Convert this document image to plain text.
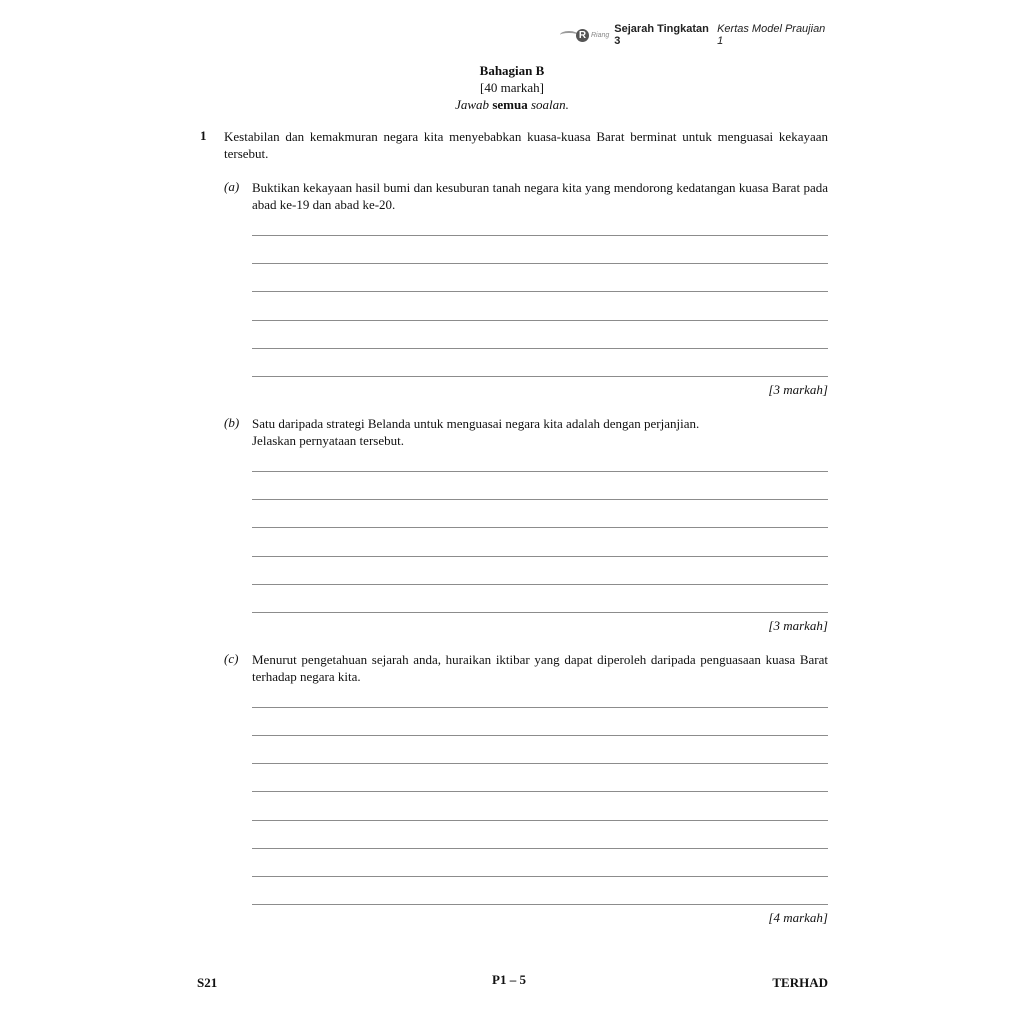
R Riang Sejarah Tingkatan 3
Kertas Model Praujian 1
Bahagian B
[40 markah]
Jawab semua soalan.
1 Kestabilan dan kemakmuran negara kita menyebabkan kuasa-kuasa Barat berminat untuk menguasai kekayaan tersebut.
(a) Buktikan kekayaan hasil bumi dan kesuburan tanah negara kita yang mendorong kedatangan kuasa Barat pada abad ke-19 dan abad ke-20.
[3 markah]
(b) Satu daripada strategi Belanda untuk menguasai negara kita adalah dengan perjanjian.
Jelaskan pernyataan tersebut.
[3 markah]
(c) Menurut pengetahuan sejarah anda, huraikan iktibar yang dapat diperoleh daripada penguasaan kuasa Barat terhadap negara kita.
[4 markah]
S21	P1 – 5	TERHAD
